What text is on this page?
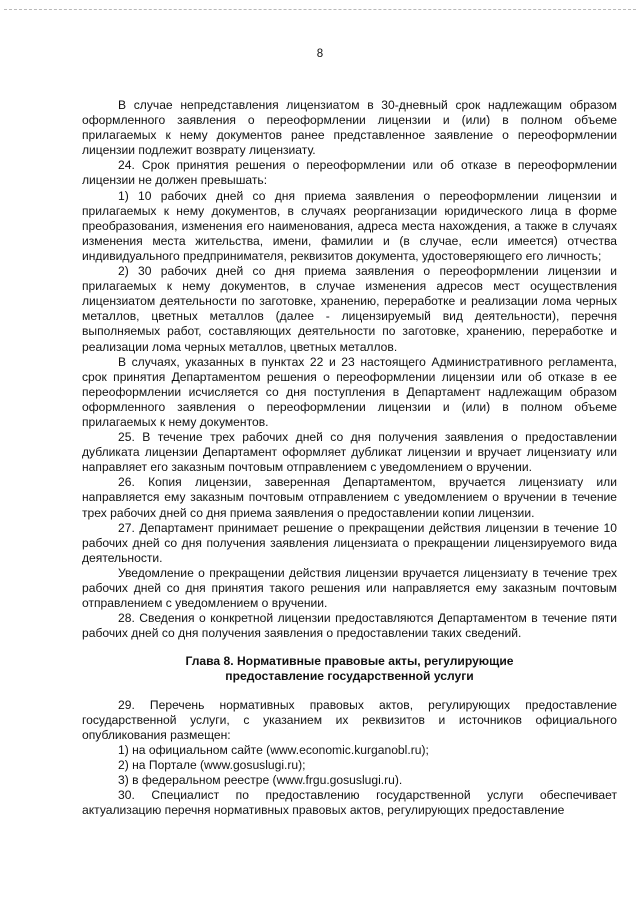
8

В случае непредставления лицензиатом в 30-дневный срок надлежащим образом оформленного заявления о переоформлении лицензии и (или) в полном объеме прилагаемых к нему документов ранее представленное заявление о переоформлении лицензии подлежит возврату лицензиату.

24. Срок принятия решения о переоформлении или об отказе в переоформлении лицензии не должен превышать:

1) 10 рабочих дней со дня приема заявления о переоформлении лицензии и прилагаемых к нему документов, в случаях реорганизации юридического лица в форме преобразования, изменения его наименования, адреса места нахождения, а также в случаях изменения места жительства, имени, фамилии и (в случае, если имеется) отчества индивидуального предпринимателя, реквизитов документа, удостоверяющего его личность;

2) 30 рабочих дней со дня приема заявления о переоформлении лицензии и прилагаемых к нему документов, в случае изменения адресов мест осуществления лицензиатом деятельности по заготовке, хранению, переработке и реализации лома черных металлов, цветных металлов (далее - лицензируемый вид деятельности), перечня выполняемых работ, составляющих деятельности по заготовке, хранению, переработке и реализации лома черных металлов, цветных металлов.

В случаях, указанных в пунктах 22 и 23 настоящего Административного регламента, срок принятия Департаментом решения о переоформлении лицензии или об отказе в ее переоформлении исчисляется со дня поступления в Департамент надлежащим образом оформленного заявления о переоформлении лицензии и (или) в полном объеме прилагаемых к нему документов.

25. В течение трех рабочих дней со дня получения заявления о предоставлении дубликата лицензии Департамент оформляет дубликат лицензии и вручает лицензиату или направляет его заказным почтовым отправлением с уведомлением о вручении.

26. Копия лицензии, заверенная Департаментом, вручается лицензиату или направляется ему заказным почтовым отправлением с уведомлением о вручении в течение трех рабочих дней со дня приема заявления о предоставлении копии лицензии.

27. Департамент принимает решение о прекращении действия лицензии в течение 10 рабочих дней со дня получения заявления лицензиата о прекращении лицензируемого вида деятельности.

Уведомление о прекращении действия лицензии вручается лицензиату в течение трех рабочих дней со дня принятия такого решения или направляется ему заказным почтовым отправлением с уведомлением о вручении.

28. Сведения о конкретной лицензии предоставляются Департаментом в течение пяти рабочих дней со дня получения заявления о предоставлении таких сведений.

Глава 8. Нормативные правовые акты, регулирующие
предоставление государственной услуги

29. Перечень нормативных правовых актов, регулирующих предоставление государственной услуги, с указанием их реквизитов и источников официального опубликования размещен:

1) на официальном сайте (www.economic.kurganobl.ru);

2) на Портале (www.gosuslugi.ru);

3) в федеральном реестре (www.frgu.gosuslugi.ru).

30. Специалист по предоставлению государственной услуги обеспечивает актуализацию перечня нормативных правовых актов, регулирующих предоставление
